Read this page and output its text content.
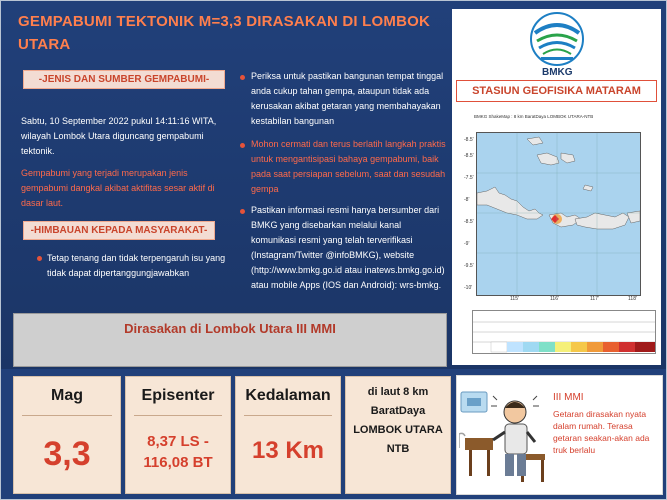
GEMPABUMI TEKTONIK M=3,3 DIRASAKAN DI LOMBOK UTARA
-JENIS DAN SUMBER GEMPABUMI-
Sabtu, 10 September 2022 pukul 14:11:16 WITA, wilayah Lombok Utara diguncang gempabumi tektonik.
Gempabumi yang terjadi merupakan jenis gempabumi dangkal akibat aktifitas sesar aktif di dasar laut.
-HIMBAUAN KEPADA MASYARAKAT-
Tetap tenang dan tidak terpengaruh isu yang tidak dapat dipertanggungjawabkan
Periksa untuk pastikan bangunan tempat tinggal anda cukup tahan gempa, ataupun tidak ada kerusakan akibat getaran yang membahayakan kestabilan bangunan
Mohon cermati dan terus berlatih langkah praktis untuk mengantisipasi bahaya gempabumi, baik pada saat persiapan sebelum, saat dan sesudah gempa
Pastikan informasi resmi hanya bersumber dari BMKG yang disebarkan melalui kanal komunikasi resmi yang telah terverifikasi (Instagram/Twitter @infoBMKG), website (http://www.bmkg.go.id atau inatews.bmkg.go.id) atau mobile Apps (IOS dan Android): wrs-bmkg.
Dirasakan di Lombok Utara III MMI
BMKG
STASIUN GEOFISIKA MATARAM
BMKG ShakeMap : 8 km BaratDaya LOMBOK UTARA-NTB
-8.5'
-8.5'
-7.5'
-8'
-8.5'
-9'
-9.5'
-10'
115'	116'	117'	118'
Mag
3,3
Episenter
8,37 LS - 116,08 BT
Kedalaman
13 Km
di laut 8 km BaratDaya LOMBOK UTARA NTB
III MMI
Getaran dirasakan nyata dalam rumah. Terasa getaran seakan-akan ada truk berlalu
